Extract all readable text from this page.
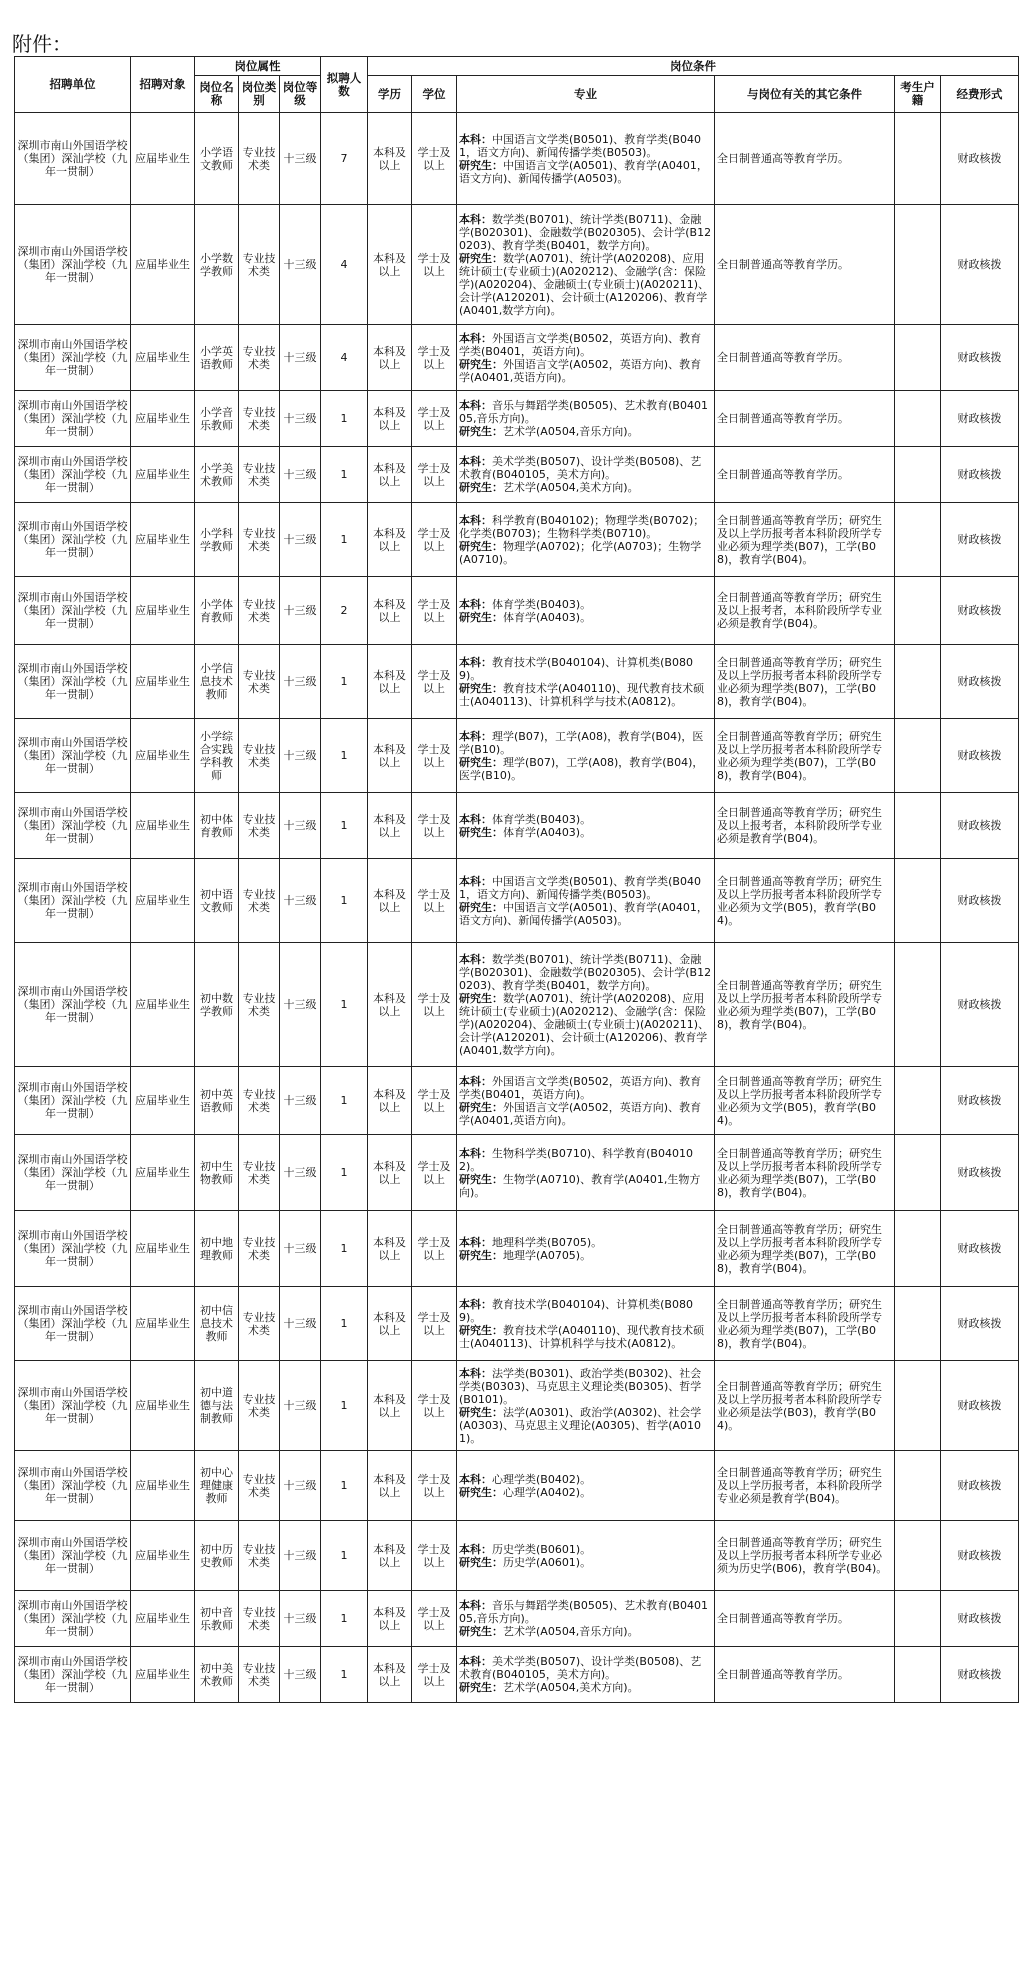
附件：
招聘单位	招聘对象	岗位属性			拟聘人数	岗位条件					
		岗位名称	岗位类别	岗位等级		学历	学位	专业	与岗位有关的其它条件	考生户籍	经费形式
深圳市南山外国语学校（集团）深汕学校（九年一贯制）	应届毕业生	小学语文教师	专业技术类	十三级	7	本科及以上	学士及以上	本科：中国语言文学类(B0501)、教育学类(B0401，语文方向)、新闻传播学类(B0503)。
研究生：中国语言文学(A0501)、教育学(A0401，语文方向)、新闻传播学(A0503)。	全日制普通高等教育学历。		财政核拨
深圳市南山外国语学校（集团）深汕学校（九年一贯制）	应届毕业生	小学数学教师	专业技术类	十三级	4	本科及以上	学士及以上	本科：数学类(B0701)、统计学类(B0711)、金融学(B020301)、金融数学(B020305)、会计学(B120203)、教育学类(B0401，数学方向)。
研究生：数学(A0701)、统计学(A020208)、应用统计硕士(专业硕士)(A020212)、金融学(含：保险学)(A020204)、金融硕士(专业硕士)(A020211)、会计学(A120201)、会计硕士(A120206)、教育学(A0401,数学方向)。	全日制普通高等教育学历。		财政核拨
深圳市南山外国语学校（集团）深汕学校（九年一贯制）	应届毕业生	小学英语教师	专业技术类	十三级	4	本科及以上	学士及以上	本科：外国语言文学类(B0502，英语方向)、教育学类(B0401，英语方向)。
研究生：外国语言文学(A0502，英语方向)、教育学(A0401,英语方向)。	全日制普通高等教育学历。		财政核拨
深圳市南山外国语学校（集团）深汕学校（九年一贯制）	应届毕业生	小学音乐教师	专业技术类	十三级	1	本科及以上	学士及以上	本科：音乐与舞蹈学类(B0505)、艺术教育(B040105,音乐方向)。
研究生：艺术学(A0504,音乐方向)。	全日制普通高等教育学历。		财政核拨
深圳市南山外国语学校（集团）深汕学校（九年一贯制）	应届毕业生	小学美术教师	专业技术类	十三级	1	本科及以上	学士及以上	本科：美术学类(B0507)、设计学类(B0508)、艺术教育(B040105，美术方向)。
研究生：艺术学(A0504,美术方向)。	全日制普通高等教育学历。		财政核拨
深圳市南山外国语学校（集团）深汕学校（九年一贯制）	应届毕业生	小学科学教师	专业技术类	十三级	1	本科及以上	学士及以上	本科：科学教育(B040102)；物理学类(B0702)；化学类(B0703)；生物科学类(B0710)。
研究生：物理学(A0702)；化学(A0703)；生物学(A0710)。	全日制普通高等教育学历；研究生及以上学历报考者本科阶段所学专业必须为理学类(B07)，工学(B08)，教育学(B04)。		财政核拨
深圳市南山外国语学校（集团）深汕学校（九年一贯制）	应届毕业生	小学体育教师	专业技术类	十三级	2	本科及以上	学士及以上	本科：体育学类(B0403)。
研究生：体育学(A0403)。	全日制普通高等教育学历；研究生及以上报考者，本科阶段所学专业必须是教育学(B04)。		财政核拨
深圳市南山外国语学校（集团）深汕学校（九年一贯制）	应届毕业生	小学信息技术教师	专业技术类	十三级	1	本科及以上	学士及以上	本科：教育技术学(B040104)、计算机类(B0809)。
研究生：教育技术学(A040110)、现代教育技术硕士(A040113)、计算机科学与技术(A0812)。	全日制普通高等教育学历；研究生及以上学历报考者本科阶段所学专业必须为理学类(B07)，工学(B08)，教育学(B04)。		财政核拨
深圳市南山外国语学校（集团）深汕学校（九年一贯制）	应届毕业生	小学综合实践学科教师	专业技术类	十三级	1	本科及以上	学士及以上	本科：理学(B07)，工学(A08)，教育学(B04)，医学(B10)。
研究生：理学(B07)，工学(A08)，教育学(B04)，医学(B10)。	全日制普通高等教育学历；研究生及以上学历报考者本科阶段所学专业必须为理学类(B07)，工学(B08)，教育学(B04)。		财政核拨
深圳市南山外国语学校（集团）深汕学校（九年一贯制）	应届毕业生	初中体育教师	专业技术类	十三级	1	本科及以上	学士及以上	本科：体育学类(B0403)。
研究生：体育学(A0403)。	全日制普通高等教育学历；研究生及以上报考者，本科阶段所学专业必须是教育学(B04)。		财政核拨
深圳市南山外国语学校（集团）深汕学校（九年一贯制）	应届毕业生	初中语文教师	专业技术类	十三级	1	本科及以上	学士及以上	本科：中国语言文学类(B0501)、教育学类(B0401，语文方向)、新闻传播学类(B0503)。
研究生：中国语言文学(A0501)、教育学(A0401，语文方向)、新闻传播学(A0503)。	全日制普通高等教育学历；研究生及以上学历报考者本科阶段所学专业必须为文学(B05)，教育学(B04)。		财政核拨
深圳市南山外国语学校（集团）深汕学校（九年一贯制）	应届毕业生	初中数学教师	专业技术类	十三级	1	本科及以上	学士及以上	本科：数学类(B0701)、统计学类(B0711)、金融学(B020301)、金融数学(B020305)、会计学(B120203)、教育学类(B0401，数学方向)。
研究生：数学(A0701)、统计学(A020208)、应用统计硕士(专业硕士)(A020212)、金融学(含：保险学)(A020204)、金融硕士(专业硕士)(A020211)、会计学(A120201)、会计硕士(A120206)、教育学(A0401,数学方向)。	全日制普通高等教育学历；研究生及以上学历报考者本科阶段所学专业必须为理学类(B07)，工学(B08)，教育学(B04)。		财政核拨
深圳市南山外国语学校（集团）深汕学校（九年一贯制）	应届毕业生	初中英语教师	专业技术类	十三级	1	本科及以上	学士及以上	本科：外国语言文学类(B0502，英语方向)、教育学类(B0401，英语方向)。
研究生：外国语言文学(A0502，英语方向)、教育学(A0401,英语方向)。	全日制普通高等教育学历；研究生及以上学历报考者本科阶段所学专业必须为文学(B05)，教育学(B04)。		财政核拨
深圳市南山外国语学校（集团）深汕学校（九年一贯制）	应届毕业生	初中生物教师	专业技术类	十三级	1	本科及以上	学士及以上	本科：生物科学类(B0710)、科学教育(B040102)。
研究生：生物学(A0710)、教育学(A0401,生物方向)。	全日制普通高等教育学历；研究生及以上学历报考者本科阶段所学专业必须为理学类(B07)，工学(B08)，教育学(B04)。		财政核拨
深圳市南山外国语学校（集团）深汕学校（九年一贯制）	应届毕业生	初中地理教师	专业技术类	十三级	1	本科及以上	学士及以上	本科：地理科学类(B0705)。
研究生：地理学(A0705)。	全日制普通高等教育学历；研究生及以上学历报考者本科阶段所学专业必须为理学类(B07)，工学(B08)，教育学(B04)。		财政核拨
深圳市南山外国语学校（集团）深汕学校（九年一贯制）	应届毕业生	初中信息技术教师	专业技术类	十三级	1	本科及以上	学士及以上	本科：教育技术学(B040104)、计算机类(B0809)。
研究生：教育技术学(A040110)、现代教育技术硕士(A040113)、计算机科学与技术(A0812)。	全日制普通高等教育学历；研究生及以上学历报考者本科阶段所学专业必须为理学类(B07)，工学(B08)，教育学(B04)。		财政核拨
深圳市南山外国语学校（集团）深汕学校（九年一贯制）	应届毕业生	初中道德与法制教师	专业技术类	十三级	1	本科及以上	学士及以上	本科：法学类(B0301)、政治学类(B0302)、社会学类(B0303)、马克思主义理论类(B0305)、哲学(B0101)。
研究生：法学(A0301)、政治学(A0302)、社会学(A0303)、马克思主义理论(A0305)、哲学(A0101)。	全日制普通高等教育学历；研究生及以上学历报考者本科阶段所学专业必须是法学(B03)，教育学(B04)。		财政核拨
深圳市南山外国语学校（集团）深汕学校（九年一贯制）	应届毕业生	初中心理健康教师	专业技术类	十三级	1	本科及以上	学士及以上	本科：心理学类(B0402)。
研究生：心理学(A0402)。	全日制普通高等教育学历；研究生及以上学历报考者，本科阶段所学专业必须是教育学(B04)。		财政核拨
深圳市南山外国语学校（集团）深汕学校（九年一贯制）	应届毕业生	初中历史教师	专业技术类	十三级	1	本科及以上	学士及以上	本科：历史学类(B0601)。
研究生：历史学(A0601)。	全日制普通高等教育学历；研究生及以上学历报考者本科所学专业必须为历史学(B06)，教育学(B04)。		财政核拨
深圳市南山外国语学校（集团）深汕学校（九年一贯制）	应届毕业生	初中音乐教师	专业技术类	十三级	1	本科及以上	学士及以上	本科：音乐与舞蹈学类(B0505)、艺术教育(B040105,音乐方向)。
研究生：艺术学(A0504,音乐方向)。	全日制普通高等教育学历。		财政核拨
深圳市南山外国语学校（集团）深汕学校（九年一贯制）	应届毕业生	初中美术教师	专业技术类	十三级	1	本科及以上	学士及以上	本科：美术学类(B0507)、设计学类(B0508)、艺术教育(B040105，美术方向)。
研究生：艺术学(A0504,美术方向)。	全日制普通高等教育学历。		财政核拨
